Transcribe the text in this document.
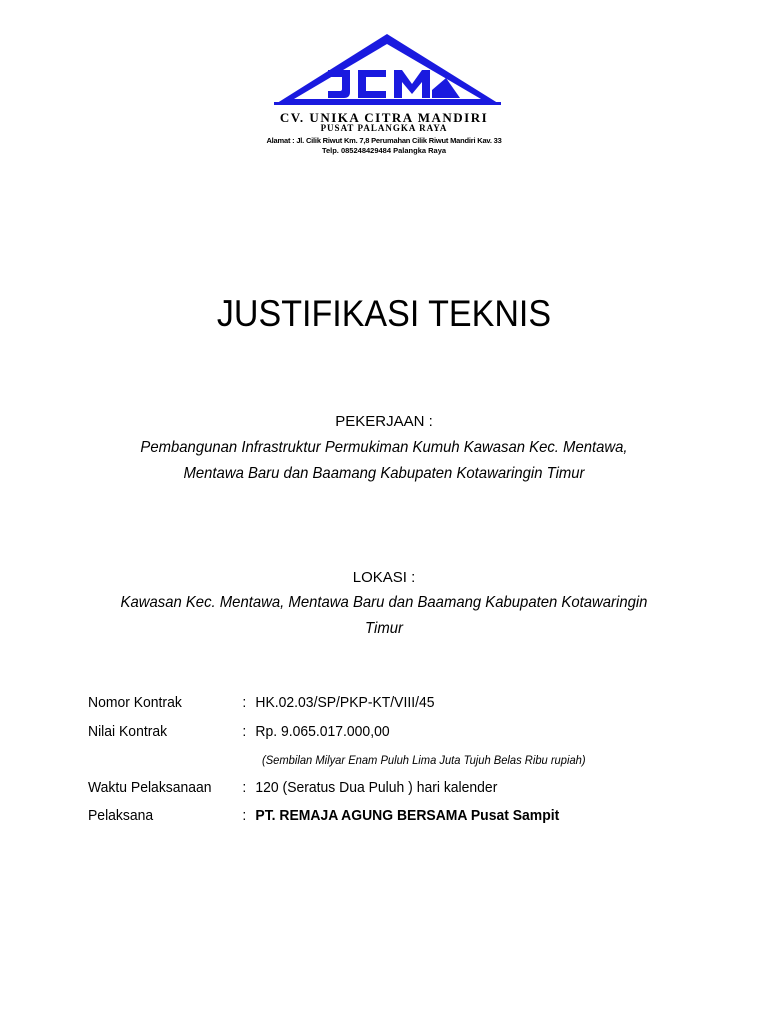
CV. UNIKA CITRA MANDIRI
PUSAT PALANGKA RAYA
Alamat : Jl. Cilik Riwut Km. 7,8 Perumahan Cilik Riwut Mandiri Kav. 33
Telp. 085248429484 Palangka Raya
JUSTIFIKASI TEKNIS
PEKERJAAN :
Pembangunan Infrastruktur Permukiman Kumuh Kawasan Kec. Mentawa,
Mentawa Baru dan Baamang Kabupaten Kotawaringin Timur
LOKASI :
Kawasan Kec. Mentawa, Mentawa Baru dan Baamang Kabupaten Kotawaringin
Timur
Nomor Kontrak	: HK.02.03/SP/PKP-KT/VIII/45
Nilai Kontrak	: Rp. 9.065.017.000,00
(Sembilan Milyar Enam Puluh Lima Juta Tujuh Belas Ribu rupiah)
Waktu Pelaksanaan : 120 (Seratus Dua Puluh ) hari kalender
Pelaksana	: PT. REMAJA AGUNG BERSAMA Pusat Sampit
